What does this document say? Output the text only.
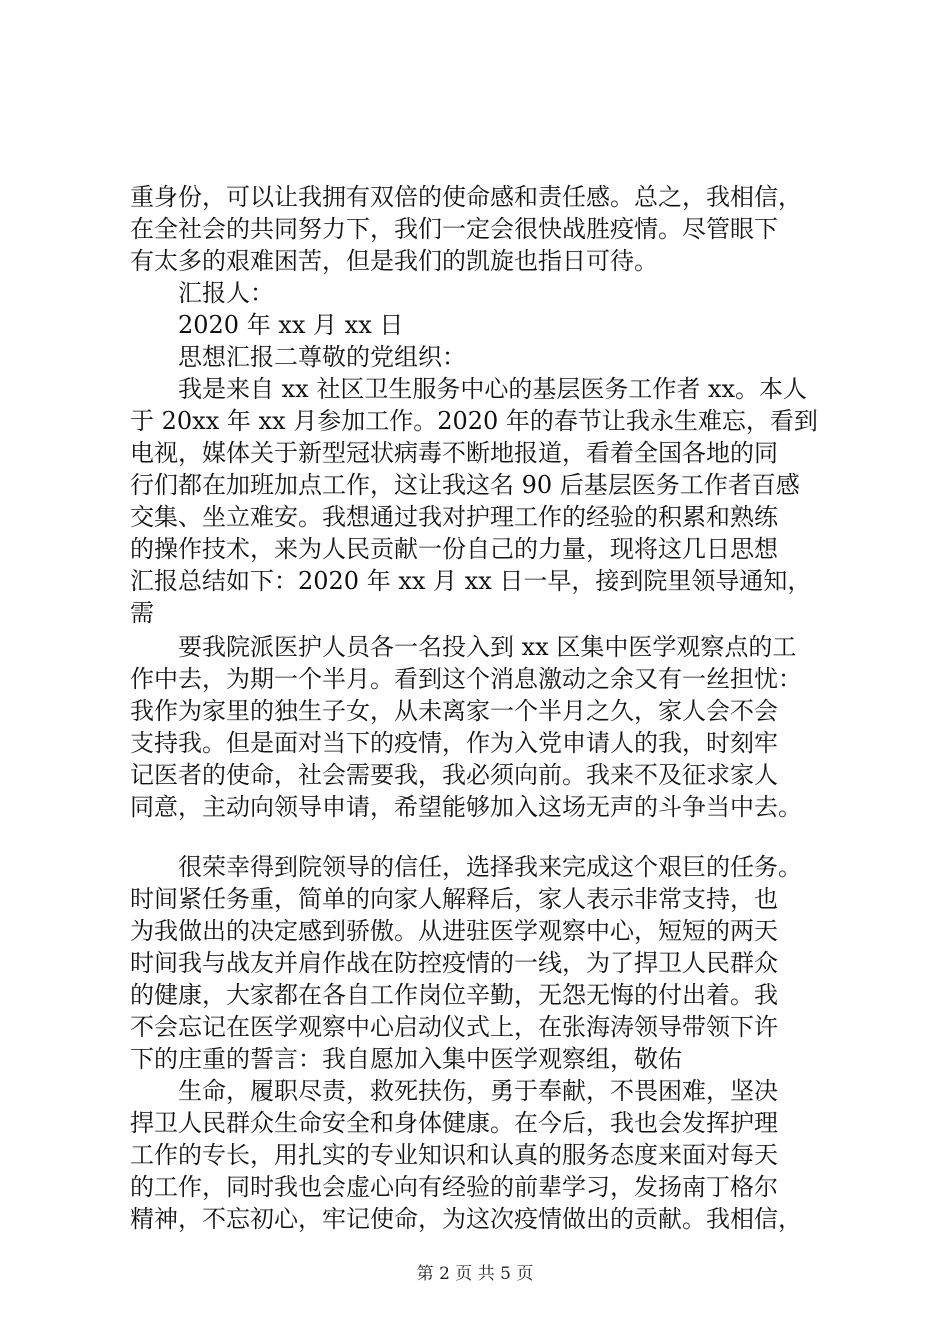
重身份，可以让我拥有双倍的使命感和责任感。总之，我相信，
在全社会的共同努力下，我们一定会很快战胜疫情。尽管眼下
有太多的艰难困苦，但是我们的凯旋也指日可待。
汇报人：
2020 年 xx 月 xx 日
思想汇报二尊敬的党组织：
我是来自 xx 社区卫生服务中心的基层医务工作者 xx。本人
于 20xx 年 xx 月参加工作。2020 年的春节让我永生难忘，看到
电视，媒体关于新型冠状病毒不断地报道，看着全国各地的同
行们都在加班加点工作，这让我这名 90 后基层医务工作者百感
交集、坐立难安。我想通过我对护理工作的经验的积累和熟练
的操作技术，来为人民贡献一份自己的力量，现将这几日思想
汇报总结如下：2020 年 xx 月 xx 日一早，接到院里领导通知，
需
要我院派医护人员各一名投入到 xx 区集中医学观察点的工
作中去，为期一个半月。看到这个消息激动之余又有一丝担忧：
我作为家里的独生子女，从未离家一个半月之久，家人会不会
支持我。但是面对当下的疫情，作为入党申请人的我，时刻牢
记医者的使命，社会需要我，我必须向前。我来不及征求家人
同意，主动向领导申请，希望能够加入这场无声的斗争当中去。
很荣幸得到院领导的信任，选择我来完成这个艰巨的任务。
时间紧任务重，简单的向家人解释后，家人表示非常支持，也
为我做出的决定感到骄傲。从进驻医学观察中心，短短的两天
时间我与战友并肩作战在防控疫情的一线，为了捍卫人民群众
的健康，大家都在各自工作岗位辛勤，无怨无悔的付出着。我
不会忘记在医学观察中心启动仪式上，在张海涛领导带领下许
下的庄重的誓言：我自愿加入集中医学观察组，敬佑
生命，履职尽责，救死扶伤，勇于奉献，不畏困难，坚决
捍卫人民群众生命安全和身体健康。在今后，我也会发挥护理
工作的专长，用扎实的专业知识和认真的服务态度来面对每天
的工作，同时我也会虚心向有经验的前辈学习，发扬南丁格尔
精神，不忘初心，牢记使命，为这次疫情做出的贡献。我相信，
第 2 页 共 5 页
